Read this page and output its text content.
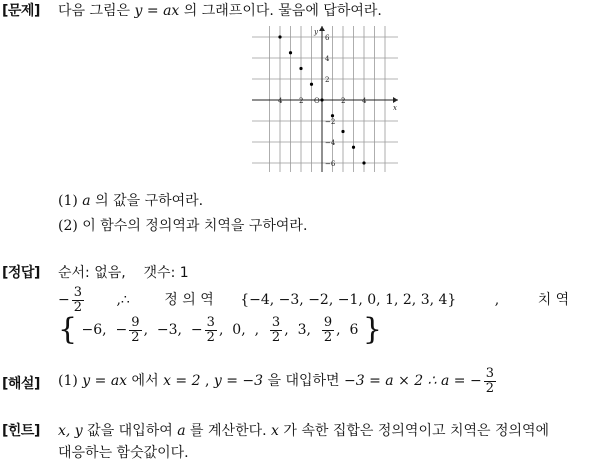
[문제] 다음 그림은 y = ax 의 그래프이다. 물음에 답하여라.
x
y
O
4 2	2 4
6
4
2
−2
−4
−6
(1) a 의 값을 구하여라.
(2) 이 함수의 정의역과 치역을 구하여라.
[정답] 순서: 없음, 갯수: 1
− $\frac{3}{2}$ ,∴ 정 의 역 {−4, −3, −2, −1, 0, 1, 2, 3, 4}	,	치 역
{ −6, − $\frac{9}{2}$ , −3, − $\frac{3}{2}$ , 0, , $\frac{3}{2}$ , 3, $\frac{9}{2}$ , 6 }
[해설] (1) y = ax 에서 x = 2 , y = −3 을 대입하면 −3 = a × 2 ∴ a = − $\frac{3}{2}$
[힌트] x, y 값을 대입하여 a 를 계산한다. x 가 속한 집합은 정의역이고 치역은 정의역에
대응하는 함숫값이다.
